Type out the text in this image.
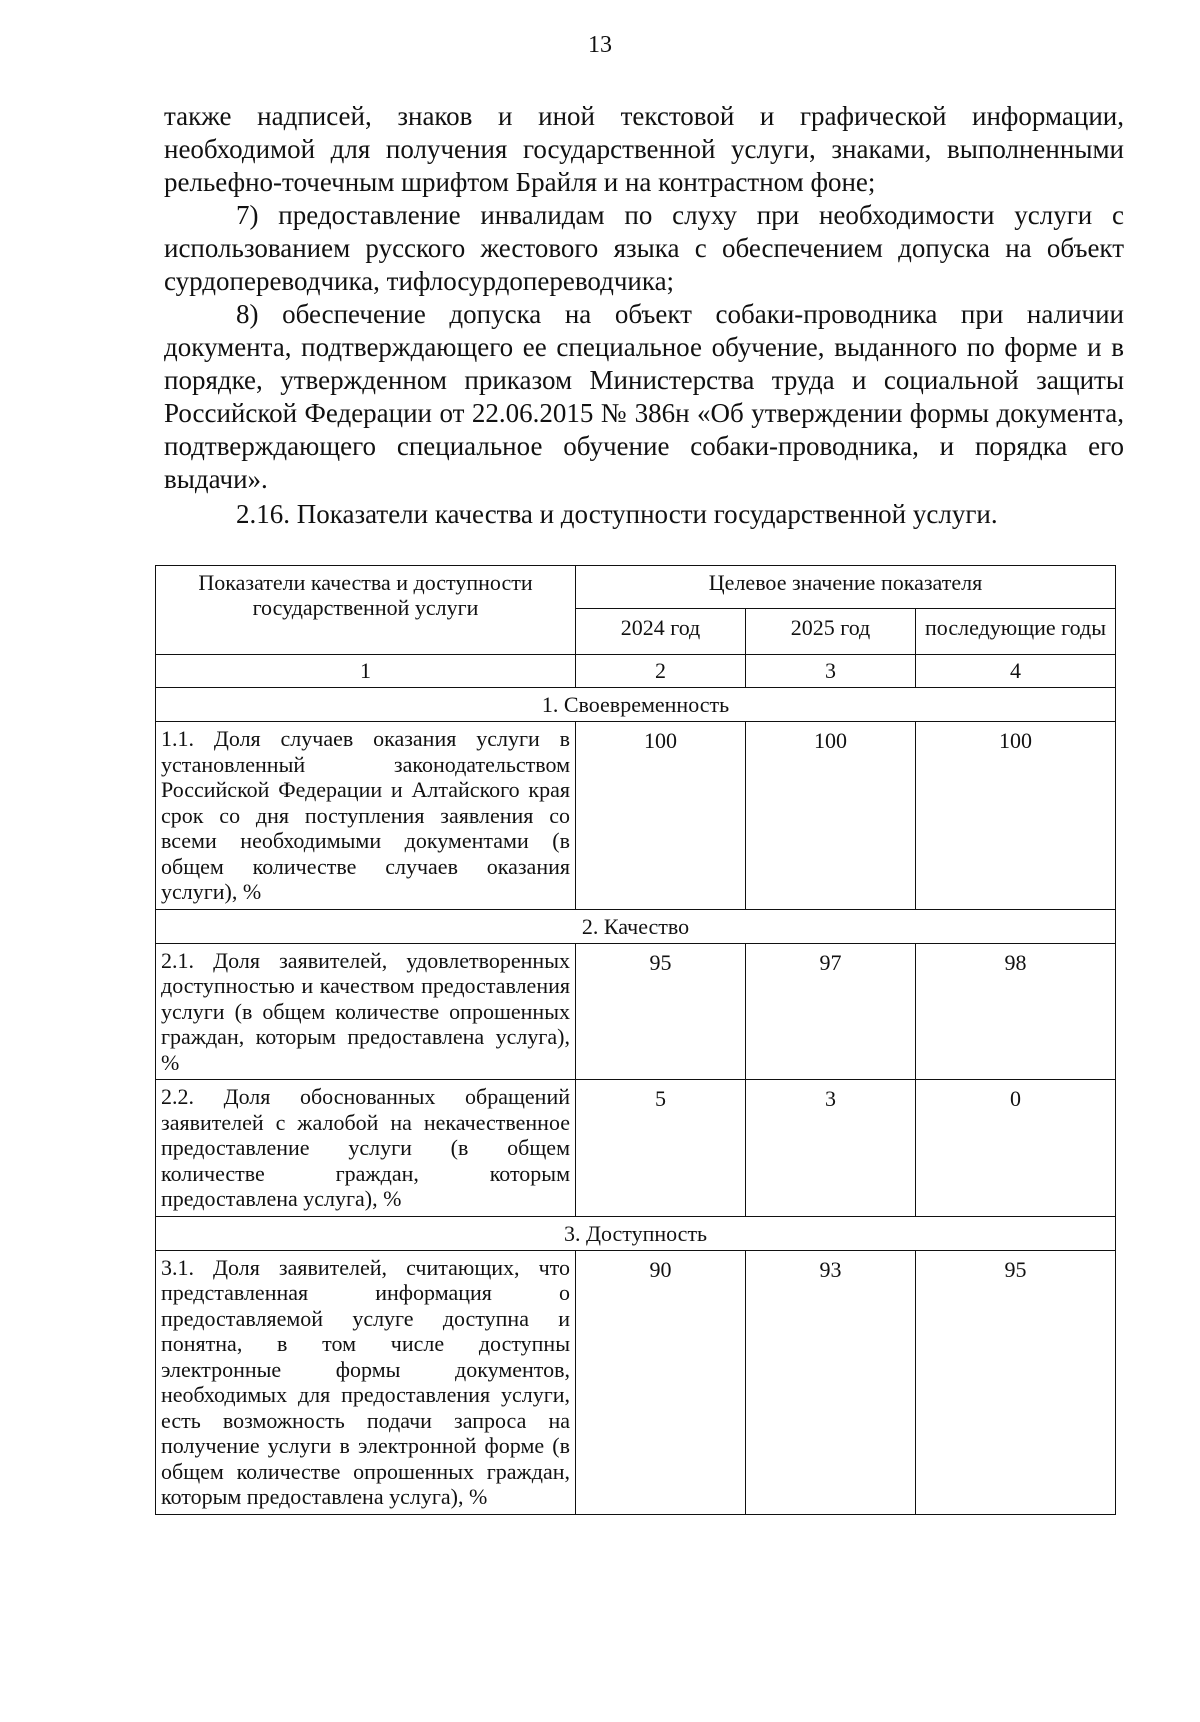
13

также надписей, знаков и иной текстовой и графической информации, необходимой для получения государственной услуги, знаками, выполненными рельефно-точечным шрифтом Брайля и на контрастном фоне;

7) предоставление инвалидам по слуху при необходимости услуги с использованием русского жестового языка с обеспечением допуска на объект сурдопереводчика, тифлосурдопереводчика;

8) обеспечение допуска на объект собаки-проводника при наличии документа, подтверждающего ее специальное обучение, выданного по форме и в порядке, утвержденном приказом Министерства труда и социальной защиты Российской Федерации от 22.06.2015 № 386н «Об утверждении формы документа, подтверждающего специальное обучение собаки-проводника, и порядка его выдачи».

2.16. Показатели качества и доступности государственной услуги.

Показатели качества и доступности государственной услуги	Целевое значение показателя		
	2024 год	2025 год	последующие годы
1	2	3	4
1. Своевременность			
1.1. Доля случаев оказания услуги в установленный законодательством Российской Федерации и Алтайского края срок со дня поступления заявления со всеми необходимыми документами (в общем количестве случаев оказания услуги), %	100	100	100
2. Качество			
2.1. Доля заявителей, удовлетворенных доступностью и качеством предоставления услуги (в общем количестве опрошенных граждан, которым предоставлена услуга), %	95	97	98
2.2. Доля обоснованных обращений заявителей с жалобой на некачественное предоставление услуги (в общем количестве граждан, которым предоставлена услуга), %	5	3	0
3. Доступность			
3.1. Доля заявителей, считающих, что представленная информация о предоставляемой услуге доступна и понятна, в том числе доступны электронные формы документов, необходимых для предоставления услуги, есть возможность подачи запроса на получение услуги в электронной форме (в общем количестве опрошенных граждан, которым предоставлена услуга), %	90	93	95
